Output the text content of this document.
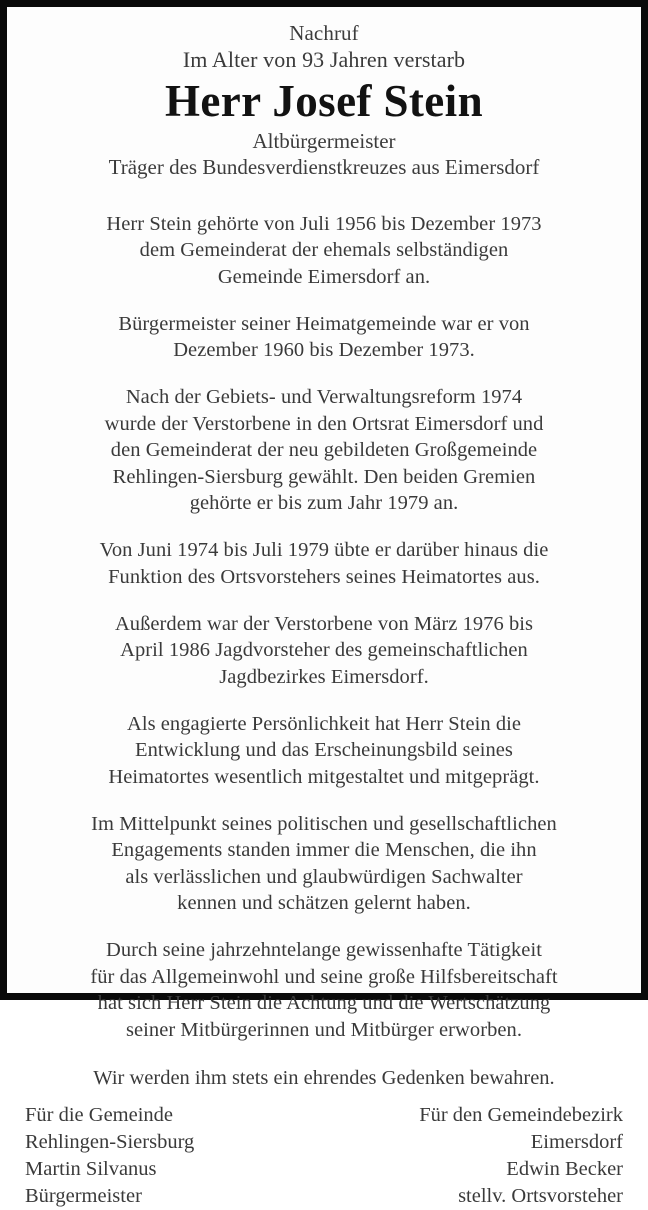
Nachruf
Im Alter von 93 Jahren verstarb
Herr Josef Stein
Altbürgermeister
Träger des Bundesverdienstkreuzes aus Eimersdorf

Herr Stein gehörte von Juli 1956 bis Dezember 1973
dem Gemeinderat der ehemals selbständigen
Gemeinde Eimersdorf an.

Bürgermeister seiner Heimatgemeinde war er von
Dezember 1960 bis Dezember 1973.

Nach der Gebiets- und Verwaltungsreform 1974
wurde der Verstorbene in den Ortsrat Eimersdorf und
den Gemeinderat der neu gebildeten Großgemeinde
Rehlingen-Siersburg gewählt. Den beiden Gremien
gehörte er bis zum Jahr 1979 an.

Von Juni 1974 bis Juli 1979 übte er darüber hinaus die
Funktion des Ortsvorstehers seines Heimatortes aus.

Außerdem war der Verstorbene von März 1976 bis
April 1986 Jagdvorsteher des gemeinschaftlichen
Jagdbezirkes Eimersdorf.

Als engagierte Persönlichkeit hat Herr Stein die
Entwicklung und das Erscheinungsbild seines
Heimatortes wesentlich mitgestaltet und mitgeprägt.

Im Mittelpunkt seines politischen und gesellschaftlichen
Engagements standen immer die Menschen, die ihn
als verlässlichen und glaubwürdigen Sachwalter
kennen und schätzen gelernt haben.

Durch seine jahrzehntelange gewissenhafte Tätigkeit
für das Allgemeinwohl und seine große Hilfsbereitschaft
hat sich Herr Stein die Achtung und die Wertschätzung
seiner Mitbürgerinnen und Mitbürger erworben.

Wir werden ihm stets ein ehrendes Gedenken bewahren.
Für die Gemeinde
Rehlingen-Siersburg
Martin Silvanus
Bürgermeister
Für den Gemeindebezirk
Eimersdorf
Edwin Becker
stellv. Ortsvorsteher
